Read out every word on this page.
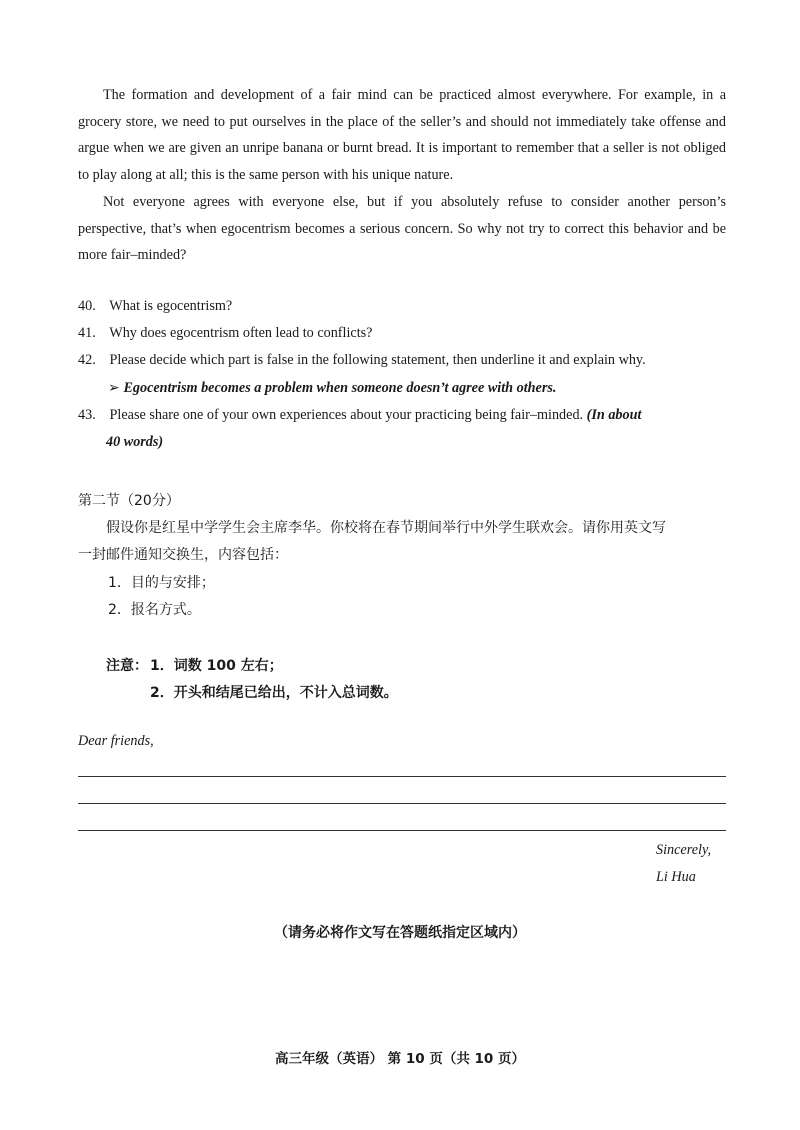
The formation and development of a fair mind can be practiced almost everywhere. For example, in a grocery store, we need to put ourselves in the place of the seller’s and should not immediately take offense and argue when we are given an unripe banana or burnt bread. It is important to remember that a seller is not obliged to play along at all; this is the same person with his unique nature.
Not everyone agrees with everyone else, but if you absolutely refuse to consider another person’s perspective, that’s when egocentrism becomes a serious concern. So why not try to correct this behavior and be more fair–minded?
40. What is egocentrism?
41. Why does egocentrism often lead to conflicts?
42. Please decide which part is false in the following statement, then underline it and explain why.
➢ Egocentrism becomes a problem when someone doesn’t agree with others.
43. Please share one of your own experiences about your practicing being fair–minded. (In about
40 words)
第二节（20分）
假设你是红星中学学生会主席李华。你校将在春节期间举行中外学生联欢会。请你用英文写
一封邮件通知交换生，内容包括：
1．目的与安排；
2．报名方式。
注意： 1．词数 100 左右；
2．开头和结尾已给出，不计入总词数。
Dear friends,
Sincerely,
Li Hua
（请务必将作文写在答题纸指定区域内）
高三年级（英语） 第 10 页（共 10 页）
